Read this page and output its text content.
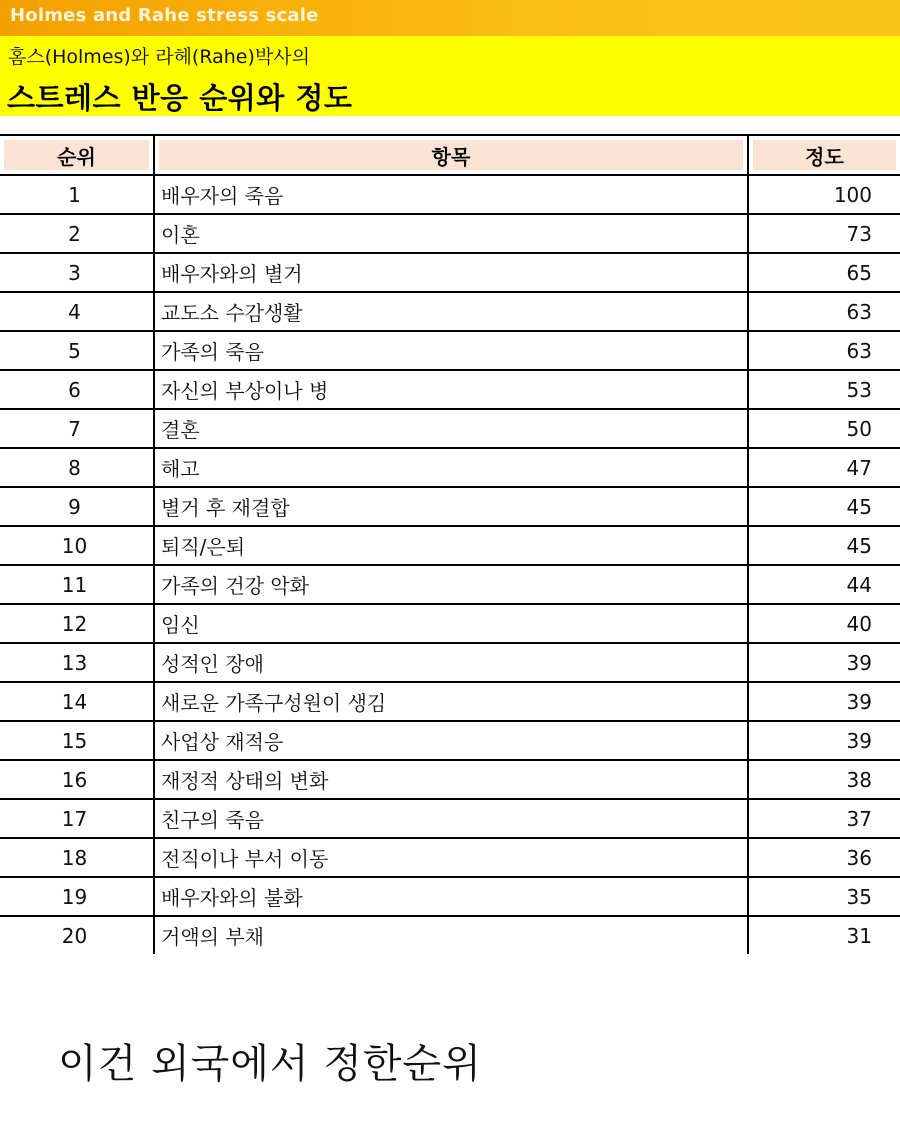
Holmes and Rahe stress scale
홈스(Holmes)와 라헤(Rahe)박사의
스트레스 반응 순위와 정도
순위	항목	정도
1	배우자의 죽음	100
2	이혼	73
3	배우자와의 별거	65
4	교도소 수감생활	63
5	가족의 죽음	63
6	자신의 부상이나 병	53
7	결혼	50
8	해고	47
9	별거 후 재결합	45
10	퇴직/은퇴	45
11	가족의 건강 악화	44
12	임신	40
13	성적인 장애	39
14	새로운 가족구성원이 생김	39
15	사업상 재적응	39
16	재정적 상태의 변화	38
17	친구의 죽음	37
18	전직이나 부서 이동	36
19	배우자와의 불화	35
20	거액의 부채	31
이건 외국에서 정한순위
